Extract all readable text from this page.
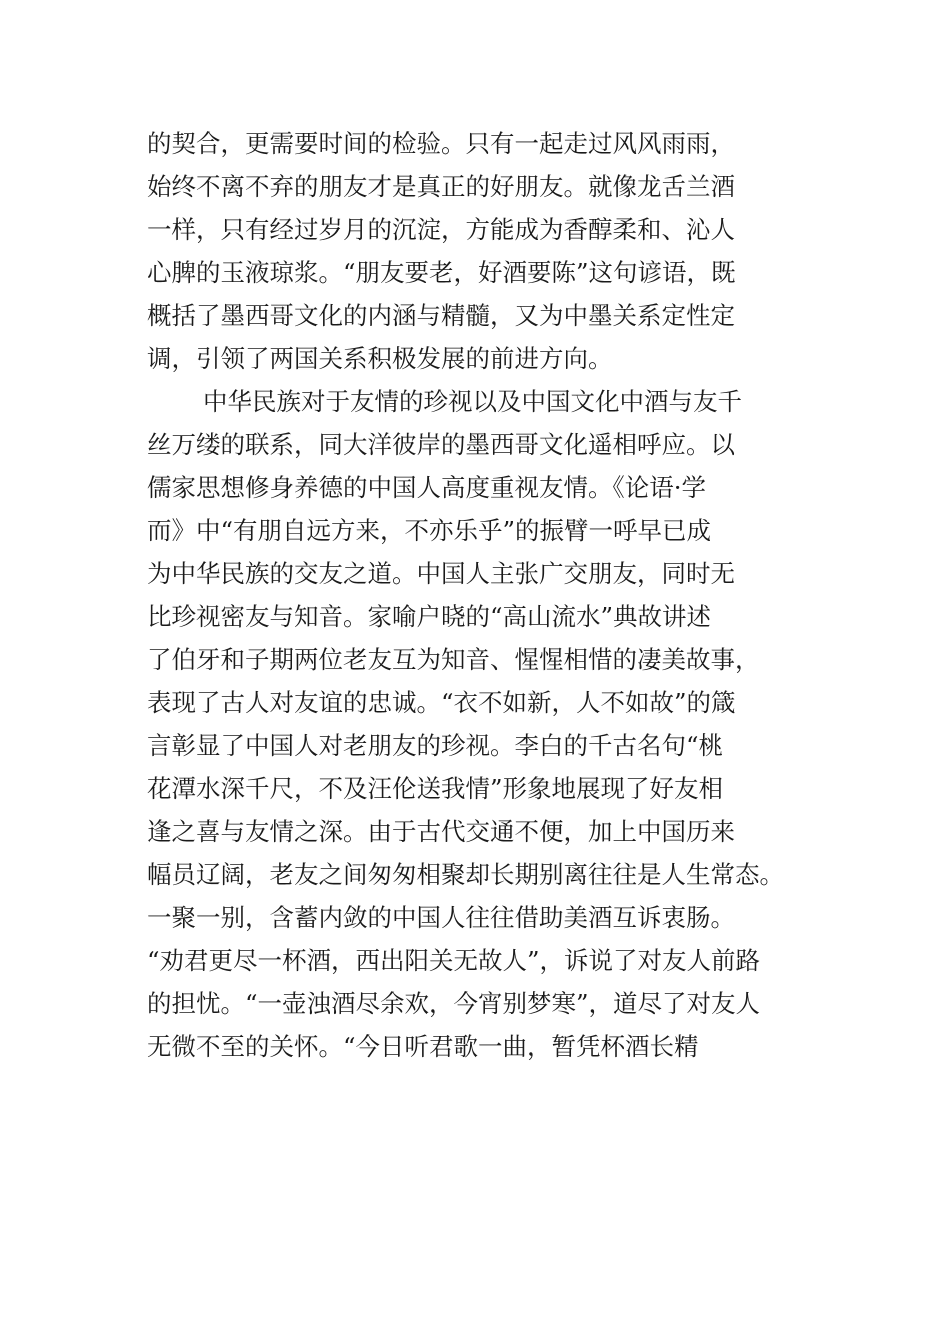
的契合，更需要时间的检验。只有一起走过风风雨雨，

始终不离不弃的朋友才是真正的好朋友。就像龙舌兰酒

一样，只有经过岁月的沉淀，方能成为香醇柔和、沁人

心脾的玉液琼浆。“朋友要老，好酒要陈”这句谚语，既

概括了墨西哥文化的内涵与精髓，又为中墨关系定性定

调，引领了两国关系积极发展的前进方向。

中华民族对于友情的珍视以及中国文化中酒与友千

丝万缕的联系，同大洋彼岸的墨西哥文化遥相呼应。以

儒家思想修身养德的中国人高度重视友情。《论语·学

而》中“有朋自远方来，不亦乐乎”的振臂一呼早已成

为中华民族的交友之道。中国人主张广交朋友，同时无

比珍视密友与知音。家喻户晓的“高山流水”典故讲述

了伯牙和子期两位老友互为知音、惺惺相惜的凄美故事，

表现了古人对友谊的忠诚。“衣不如新，人不如故”的箴

言彰显了中国人对老朋友的珍视。李白的千古名句“桃

花潭水深千尺，不及汪伦送我情”形象地展现了好友相

逢之喜与友情之深。由于古代交通不便，加上中国历来

幅员辽阔，老友之间匆匆相聚却长期别离往往是人生常态。

一聚一别，含蓄内敛的中国人往往借助美酒互诉衷肠。

“劝君更尽一杯酒，西出阳关无故人”，诉说了对友人前路

的担忧。“一壶浊酒尽余欢，今宵别梦寒”，道尽了对友人

无微不至的关怀。“今日听君歌一曲，暂凭杯酒长精
